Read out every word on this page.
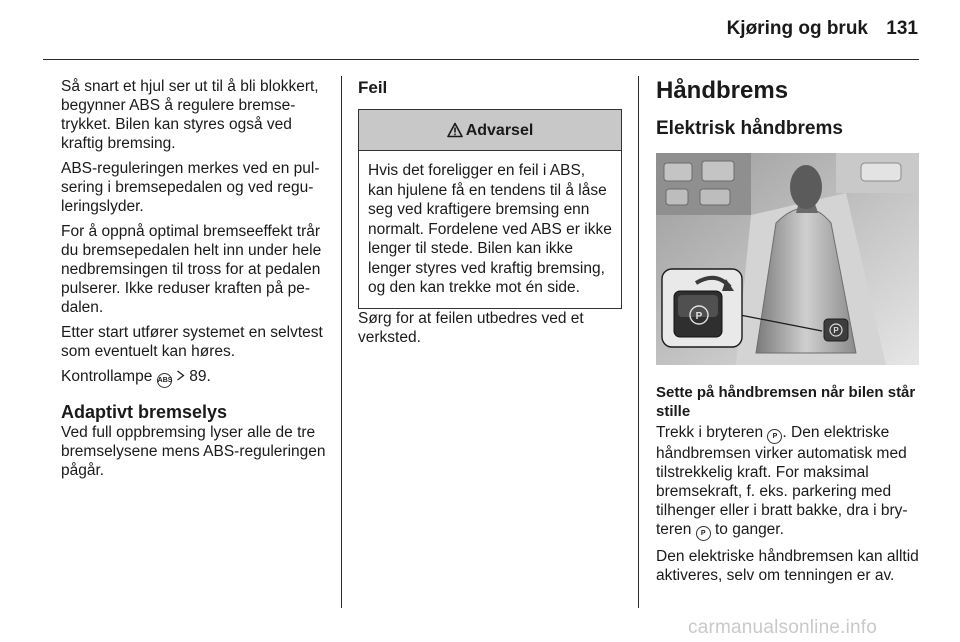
Kjøring og bruk 131

Så snart et hjul ser ut til å bli blokkert, begynner ABS å regulere bremsetrykket. Bilen kan styres også ved kraftig bremsing.

ABS-reguleringen merkes ved en pulsering i bremsepedalen og ved reguleringslyder.

For å oppnå optimal bremseeffekt trår du bremsepedalen helt inn under hele nedbremsingen til tross for at pedalen pulserer. Ikke reduser kraften på pedalen.

Etter start utfører systemet en selvtest som eventuelt kan høres.

Kontrollampe ABS 89.

Adaptivt bremselys

Ved full oppbremsing lyser alle de tre bremselysene mens ABS-reguleringen pågår.

Feil
Advarsel
Hvis det foreligger en feil i ABS, kan hjulene få en tendens til å låse seg ved kraftigere bremsing enn normalt. Fordelene ved ABS er ikke lenger til stede. Bilen kan ikke lenger styres ved kraftig bremsing, og den kan trekke mot én side.

Sørg for at feilen utbedres ved et verksted.

Håndbrems
Elektrisk håndbrems
P
P
Sette på håndbremsen når bilen står stille

Trekk i bryteren P . Den elektriske håndbremsen virker automatisk med tilstrekkelig kraft. For maksimal bremsekraft, f. eks. parkering med tilhenger eller i bratt bakke, dra i bryteren P to ganger.

Den elektriske håndbremsen kan alltid aktiveres, selv om tenningen er av.

carmanualsonline.info
